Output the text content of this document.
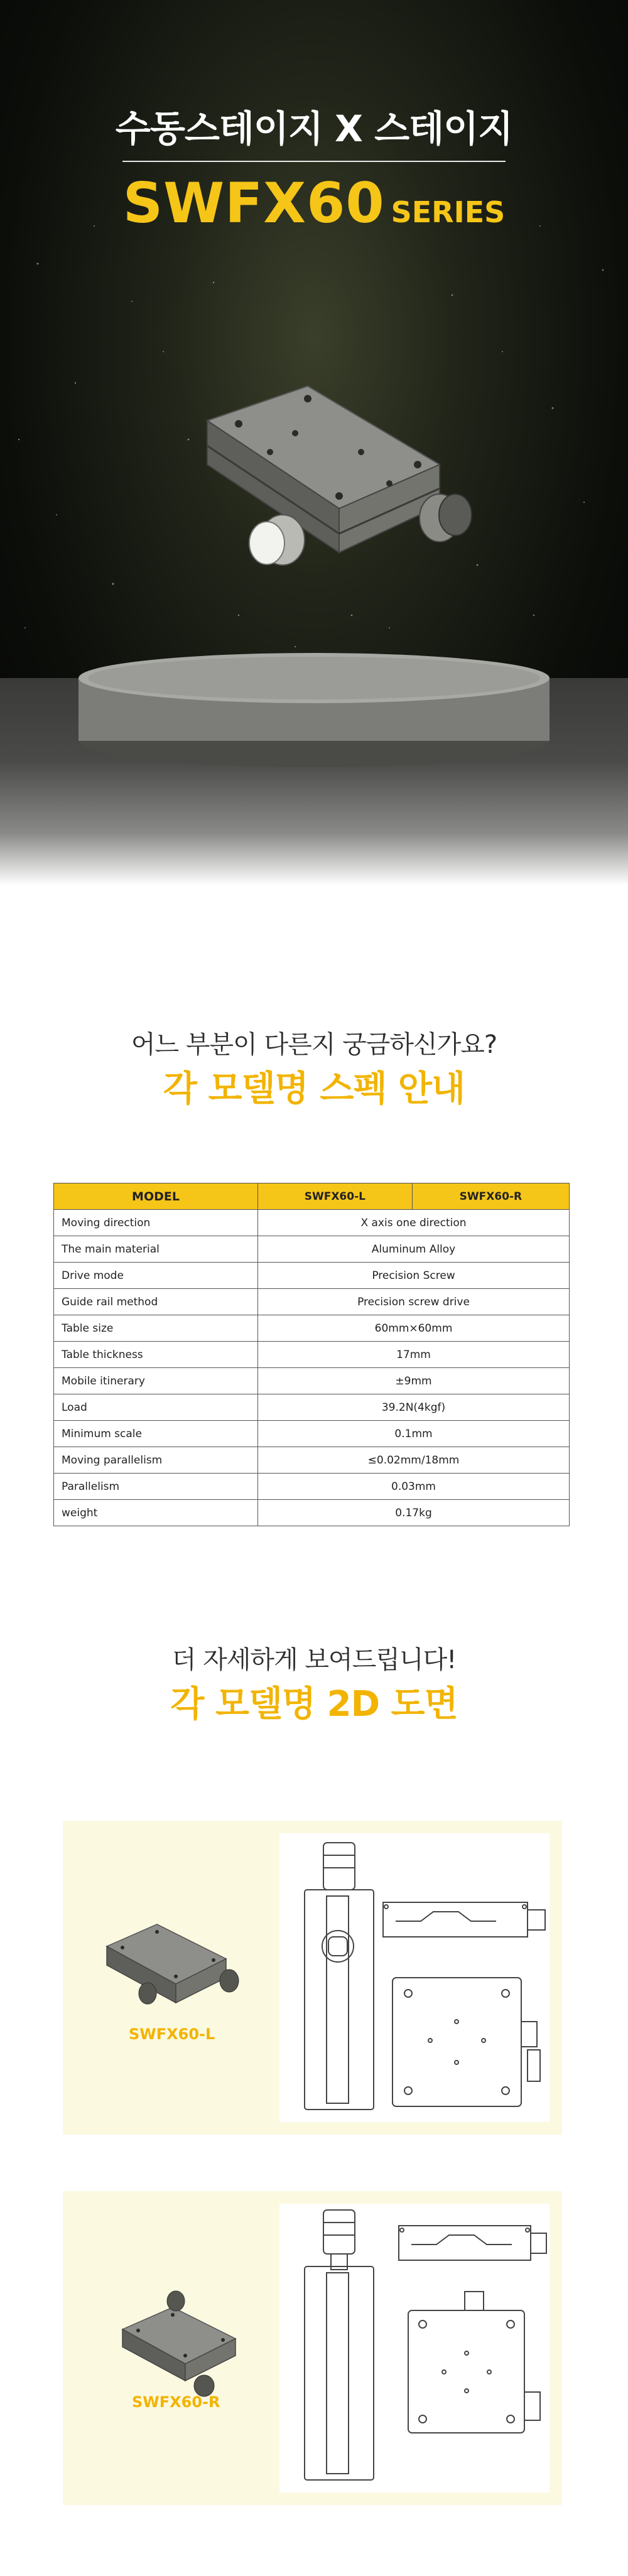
수동스테이지 X 스테이지
SWFX60 SERIES
어느 부분이 다른지 궁금하신가요?
각 모델명 스펙 안내
MODEL	SWFX60-L	SWFX60-R
Moving direction	X axis one direction	
The main material	Aluminum Alloy	
Drive mode	Precision Screw	
Guide rail method	Precision screw drive	
Table size	60mm×60mm	
Table thickness	17mm	
Mobile itinerary	±9mm	
Load	39.2N(4kgf)	
Minimum scale	0.1mm	
Moving parallelism	≤0.02mm/18mm	
Parallelism	0.03mm	
weight	0.17kg	
더 자세하게 보여드립니다!
각 모델명 2D 도면
SWFX60-L
SWFX60-R
